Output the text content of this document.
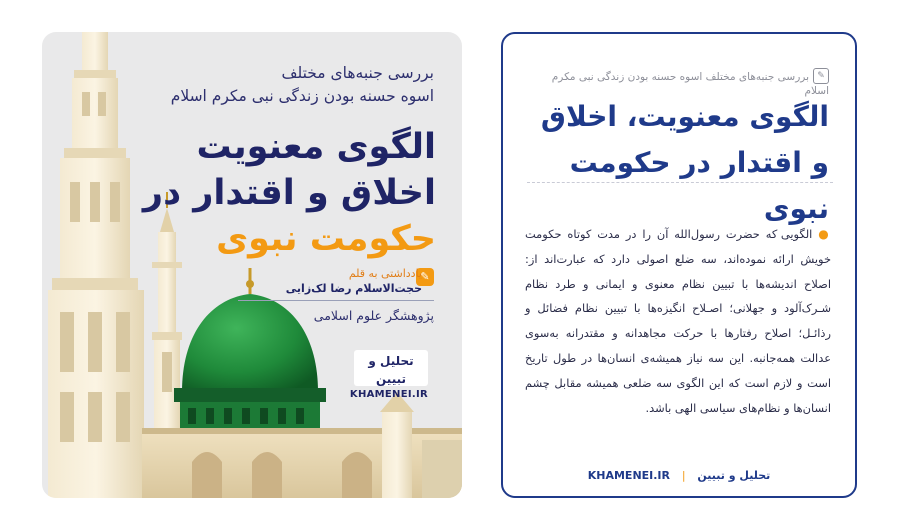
بررسی جنبه‌های مختلف
اسوه حسنه بودن زندگی نبی مکرم اسلام
الگوی معنویت
اخلاق و اقتدار در
حکومت نبوی
✎
یادداشتی به قلم
حجت‌الاسلام رضا لک‌زایی
پژوهشگر علوم اسلامی
تحلیل و تبیین
KHAMENEI.IR
✎
بررسی جنبه‌های مختلف اسوه حسنه بودن زندگی نبی مکرم اسلام
الگوی معنویت، اخلاق و اقتدار در حکومت نبوی
● الگویی که حضرت رسول‌الله آن را در مدت کوتاه حکومت خویش ارائه نموده‌اند، سه ضلع اصولی دارد که عبارت‌اند از: اصلاح اندیشه‌ها با تبیین نظام معنوی و ایمانی و طرد نظام شـرک‌آلود و جهلانی؛ اصـلاح انگیزه‌ها با تبیین نظام فضائل و رذائـل؛ اصلاح رفتارها با حرکت مجاهدانه و مقتدرانه به‌سوی عدالت همه‌جانبه. این سه نیاز همیشه‌ی انسان‌ها در طول تاریخ است و لازم است که این الگوی سه ضلعی همیشه مقابل چشم انسان‌ها و نظام‌های سیاسی الهی باشد.
تحلیل و تبیین | KHAMENEI.IR
